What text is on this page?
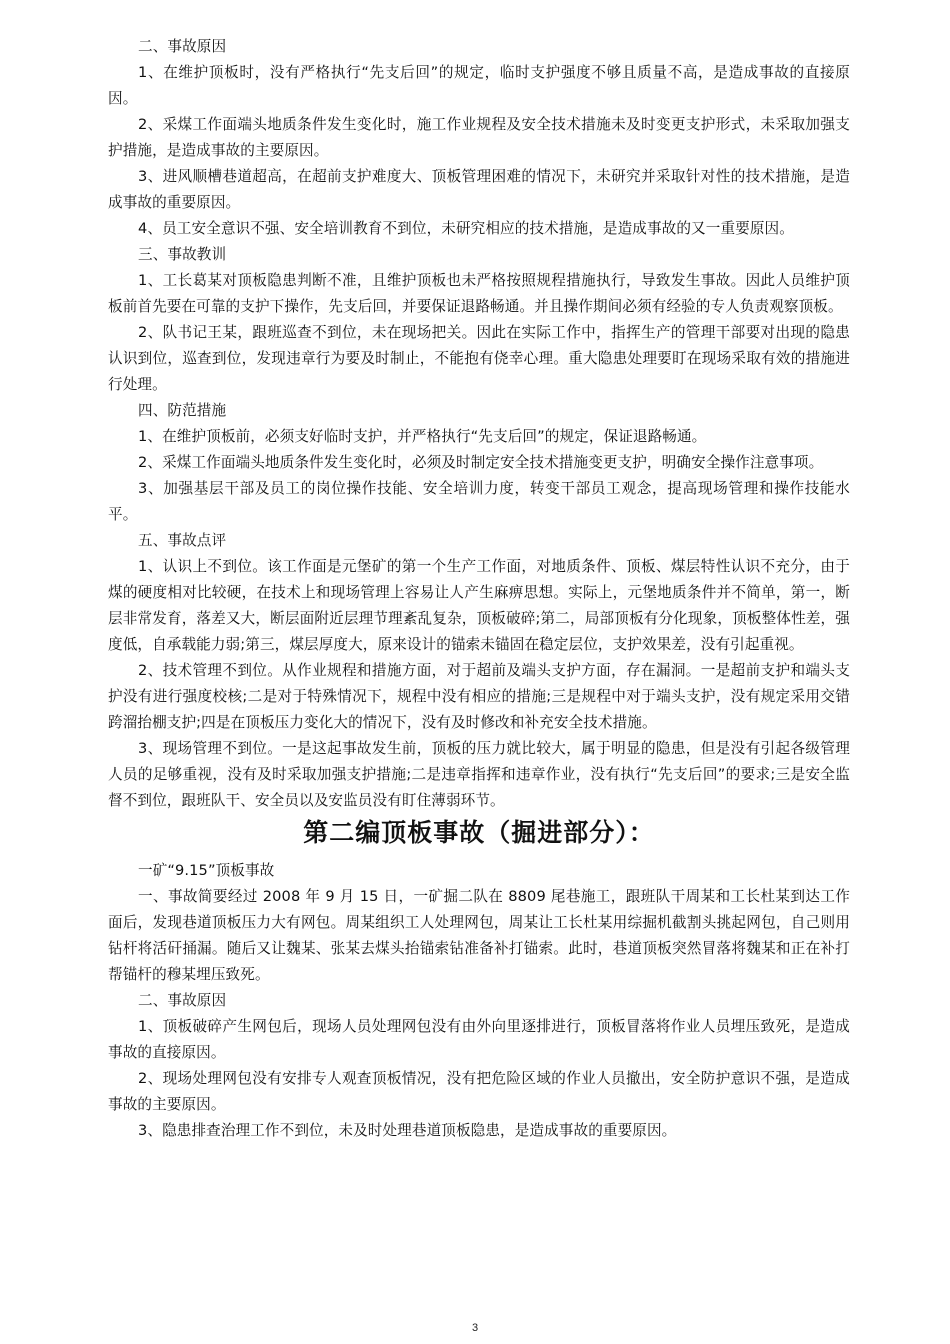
二、事故原因

1、在维护顶板时，没有严格执行“先支后回”的规定，临时支护强度不够且质量不高，是造成事故的直接原因。

2、采煤工作面端头地质条件发生变化时，施工作业规程及安全技术措施未及时变更支护形式，未采取加强支护措施，是造成事故的主要原因。

3、进风顺槽巷道超高，在超前支护难度大、顶板管理困难的情况下，未研究并采取针对性的技术措施，是造成事故的重要原因。

4、员工安全意识不强、安全培训教育不到位，未研究相应的技术措施，是造成事故的又一重要原因。

三、事故教训

1、工长葛某对顶板隐患判断不准，且维护顶板也未严格按照规程措施执行，导致发生事故。因此人员维护顶板前首先要在可靠的支护下操作，先支后回，并要保证退路畅通。并且操作期间必须有经验的专人负责观察顶板。

2、队书记王某，跟班巡查不到位，未在现场把关。因此在实际工作中，指挥生产的管理干部要对出现的隐患认识到位，巡查到位，发现违章行为要及时制止，不能抱有侥幸心理。重大隐患处理要盯在现场采取有效的措施进行处理。

四、防范措施

1、在维护顶板前，必须支好临时支护，并严格执行“先支后回”的规定，保证退路畅通。

2、采煤工作面端头地质条件发生变化时，必须及时制定安全技术措施变更支护，明确安全操作注意事项。

3、加强基层干部及员工的岗位操作技能、安全培训力度，转变干部员工观念，提高现场管理和操作技能水平。

五、事故点评

1、认识上不到位。该工作面是元堡矿的第一个生产工作面，对地质条件、顶板、煤层特性认识不充分，由于煤的硬度相对比较硬，在技术上和现场管理上容易让人产生麻痹思想。实际上，元堡地质条件并不简单，第一，断层非常发育，落差又大，断层面附近层理节理紊乱复杂，顶板破碎;第二，局部顶板有分化现象，顶板整体性差，强度低，自承载能力弱;第三，煤层厚度大，原来设计的锚索未锚固在稳定层位，支护效果差，没有引起重视。

2、技术管理不到位。从作业规程和措施方面，对于超前及端头支护方面，存在漏洞。一是超前支护和端头支护没有进行强度校核;二是对于特殊情况下，规程中没有相应的措施;三是规程中对于端头支护，没有规定采用交错跨溜抬棚支护;四是在顶板压力变化大的情况下，没有及时修改和补充安全技术措施。

3、现场管理不到位。一是这起事故发生前，顶板的压力就比较大，属于明显的隐患，但是没有引起各级管理人员的足够重视，没有及时采取加强支护措施;二是违章指挥和违章作业，没有执行“先支后回”的要求;三是安全监督不到位，跟班队干、安全员以及安监员没有盯住薄弱环节。

第二编顶板事故（掘进部分）：

一矿“9.15”顶板事故

一、事故简要经过 2008 年 9 月 15 日，一矿掘二队在 8809 尾巷施工，跟班队干周某和工长杜某到达工作面后，发现巷道顶板压力大有网包。周某组织工人处理网包，周某让工长杜某用综掘机截割头挑起网包，自己则用钻杆将活矸捅漏。随后又让魏某、张某去煤头抬锚索钻准备补打锚索。此时，巷道顶板突然冒落将魏某和正在补打帮锚杆的穆某埋压致死。

二、事故原因

1、顶板破碎产生网包后，现场人员处理网包没有由外向里逐排进行，顶板冒落将作业人员埋压致死，是造成事故的直接原因。

2、现场处理网包没有安排专人观查顶板情况，没有把危险区域的作业人员撤出，安全防护意识不强，是造成事故的主要原因。

3、隐患排查治理工作不到位，未及时处理巷道顶板隐患，是造成事故的重要原因。

3
